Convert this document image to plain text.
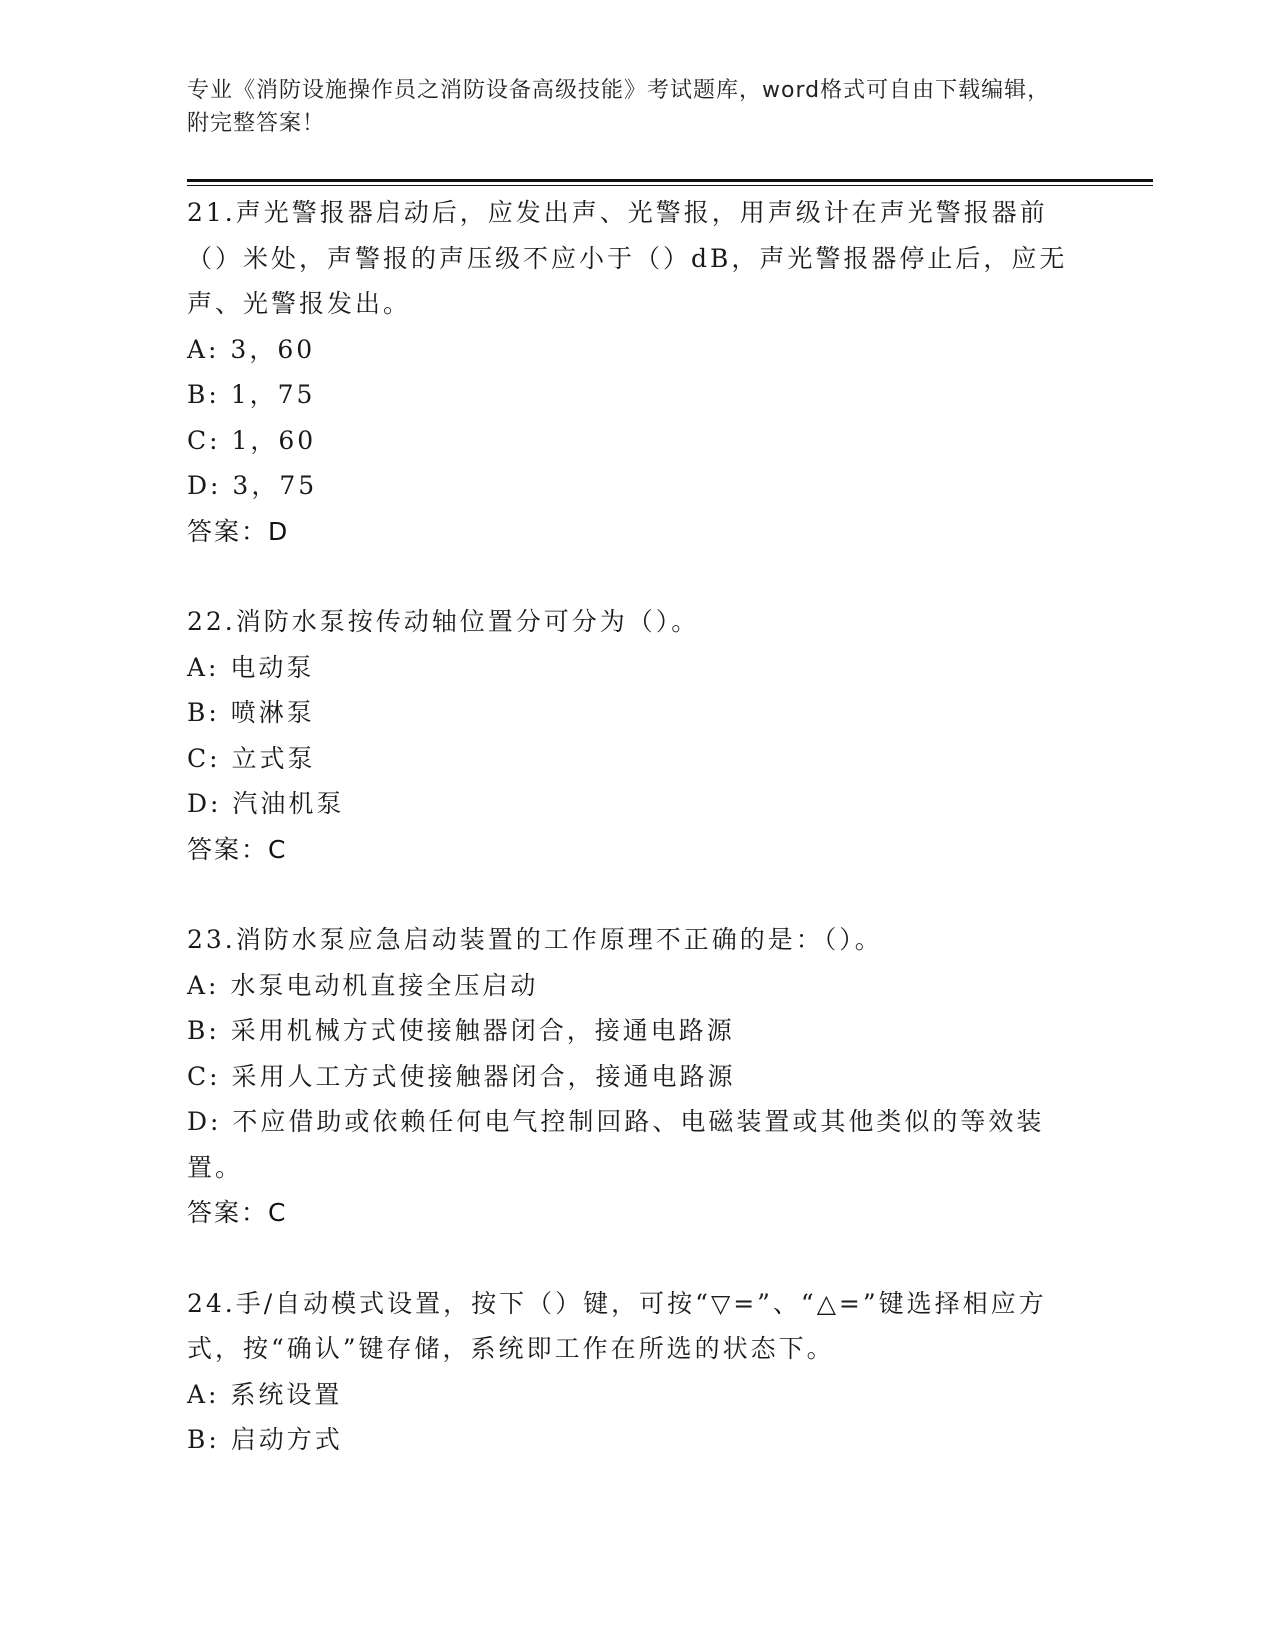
专业《消防设施操作员之消防设备高级技能》考试题库，word格式可自由下载编辑，附完整答案！

21.声光警报器启动后，应发出声、光警报，用声级计在声光警报器前（）米处，声警报的声压级不应小于（）dB，声光警报器停止后，应无声、光警报发出。

A: 3，60

B: 1，75

C: 1，60

D: 3，75

答案：D

22.消防水泵按传动轴位置分可分为（）。

A: 电动泵

B: 喷淋泵

C: 立式泵

D: 汽油机泵

答案：C

23.消防水泵应急启动装置的工作原理不正确的是：（）。

A: 水泵电动机直接全压启动

B: 采用机械方式使接触器闭合，接通电路源

C: 采用人工方式使接触器闭合，接通电路源

D: 不应借助或依赖任何电气控制回路、电磁装置或其他类似的等效装置。

答案：C

24.手/自动模式设置，按下（）键，可按“▽=”、“△=”键选择相应方式，按“确认”键存储，系统即工作在所选的状态下。

A: 系统设置

B: 启动方式
